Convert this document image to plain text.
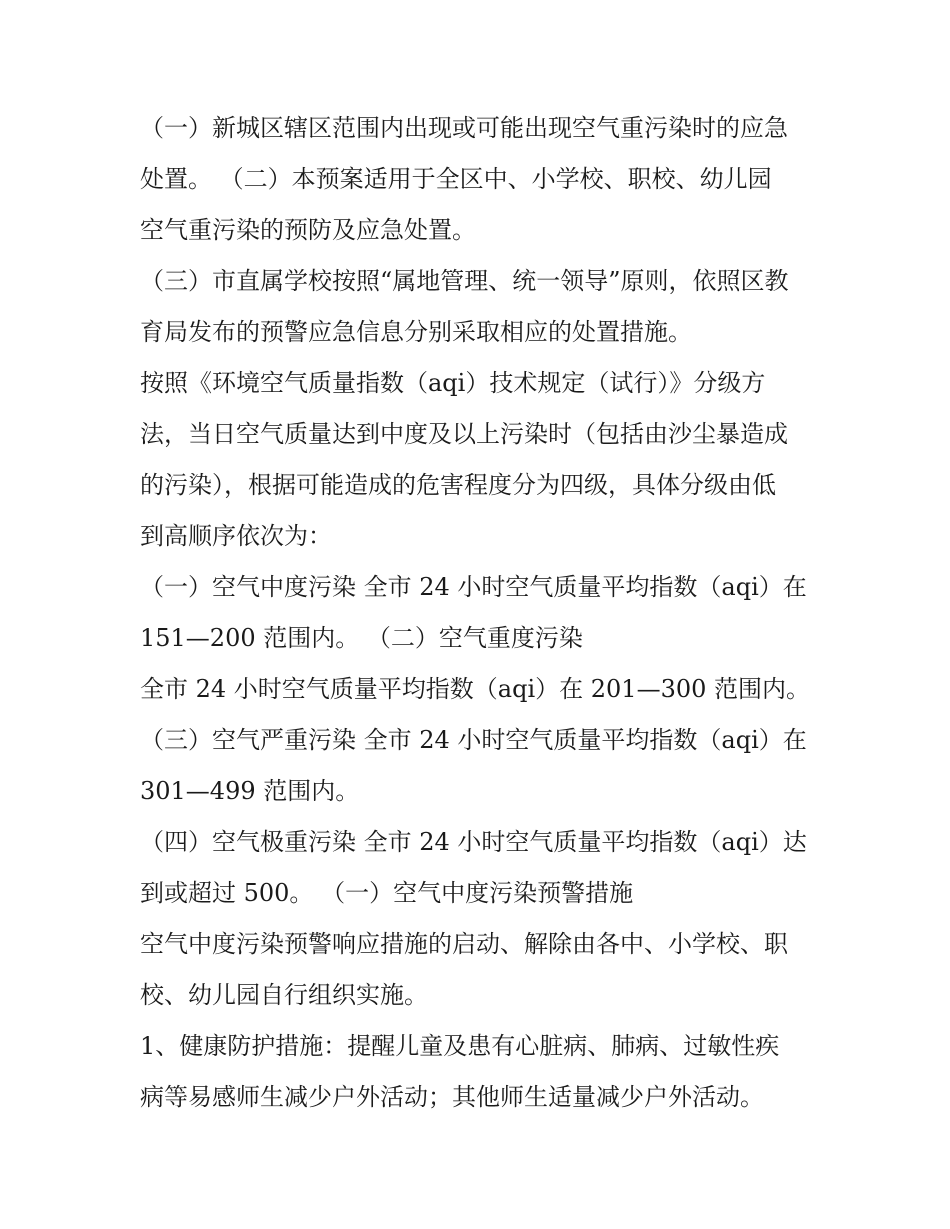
（一）新城区辖区范围内出现或可能出现空气重污染时的应急
处置。 （二）本预案适用于全区中、小学校、职校、幼儿园
空气重污染的预防及应急处置。
（三）市直属学校按照“属地管理、统一领导”原则，依照区教
育局发布的预警应急信息分别采取相应的处置措施。
按照《环境空气质量指数（aqi）技术规定（试行）》分级方
法，当日空气质量达到中度及以上污染时（包括由沙尘暴造成
的污染），根据可能造成的危害程度分为四级，具体分级由低
到高顺序依次为：
（一）空气中度污染 全市 24 小时空气质量平均指数（aqi）在
151—200 范围内。 （二）空气重度污染
全市 24 小时空气质量平均指数（aqi）在 201—300 范围内。
（三）空气严重污染 全市 24 小时空气质量平均指数（aqi）在
301—499 范围内。
（四）空气极重污染 全市 24 小时空气质量平均指数（aqi）达
到或超过 500。 （一）空气中度污染预警措施
空气中度污染预警响应措施的启动、解除由各中、小学校、职
校、幼儿园自行组织实施。
1、健康防护措施：提醒儿童及患有心脏病、肺病、过敏性疾
病等易感师生减少户外活动；其他师生适量减少户外活动。
